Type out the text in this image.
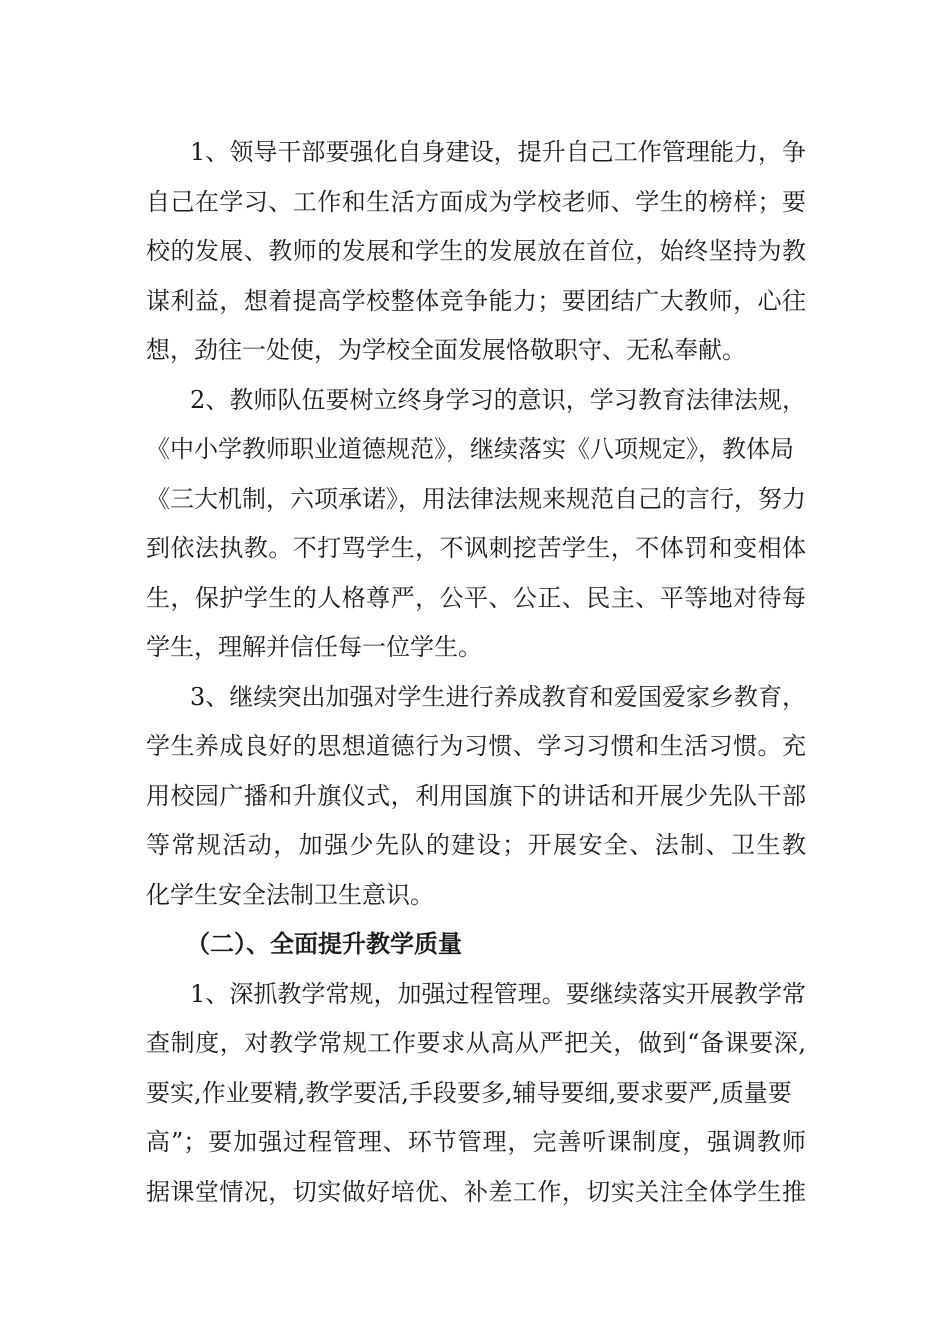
1、领导干部要强化自身建设，提升自己工作管理能力，争
自己在学习、工作和生活方面成为学校老师、学生的榜样；要
校的发展、教师的发展和学生的发展放在首位，始终坚持为教
谋利益，想着提高学校整体竞争能力；要团结广大教师，心往
想，劲往一处使，为学校全面发展恪敬职守、无私奉献。
2、教师队伍要树立终身学习的意识，学习教育法律法规，
《中小学教师职业道德规范》，继续落实《八项规定》，教体局
《三大机制，六项承诺》，用法律法规来规范自己的言行，努力
到依法执教。不打骂学生，不讽刺挖苦学生，不体罚和变相体
生，保护学生的人格尊严，公平、公正、民主、平等地对待每
学生，理解并信任每一位学生。
3、继续突出加强对学生进行养成教育和爱国爱家乡教育，
学生养成良好的思想道德行为习惯、学习习惯和生活习惯。充
用校园广播和升旗仪式，利用国旗下的讲话和开展少先队干部
等常规活动，加强少先队的建设；开展安全、法制、卫生教
化学生安全法制卫生意识。
（二）、全面提升教学质量
1、深抓教学常规，加强过程管理。要继续落实开展教学常
查制度，对教学常规工作要求从高从严把关，做到“备课要深,
要实,作业要精,教学要活,手段要多,辅导要细,要求要严,质量要
高”；要加强过程管理、环节管理，完善听课制度，强调教师
据课堂情况，切实做好培优、补差工作，切实关注全体学生推
